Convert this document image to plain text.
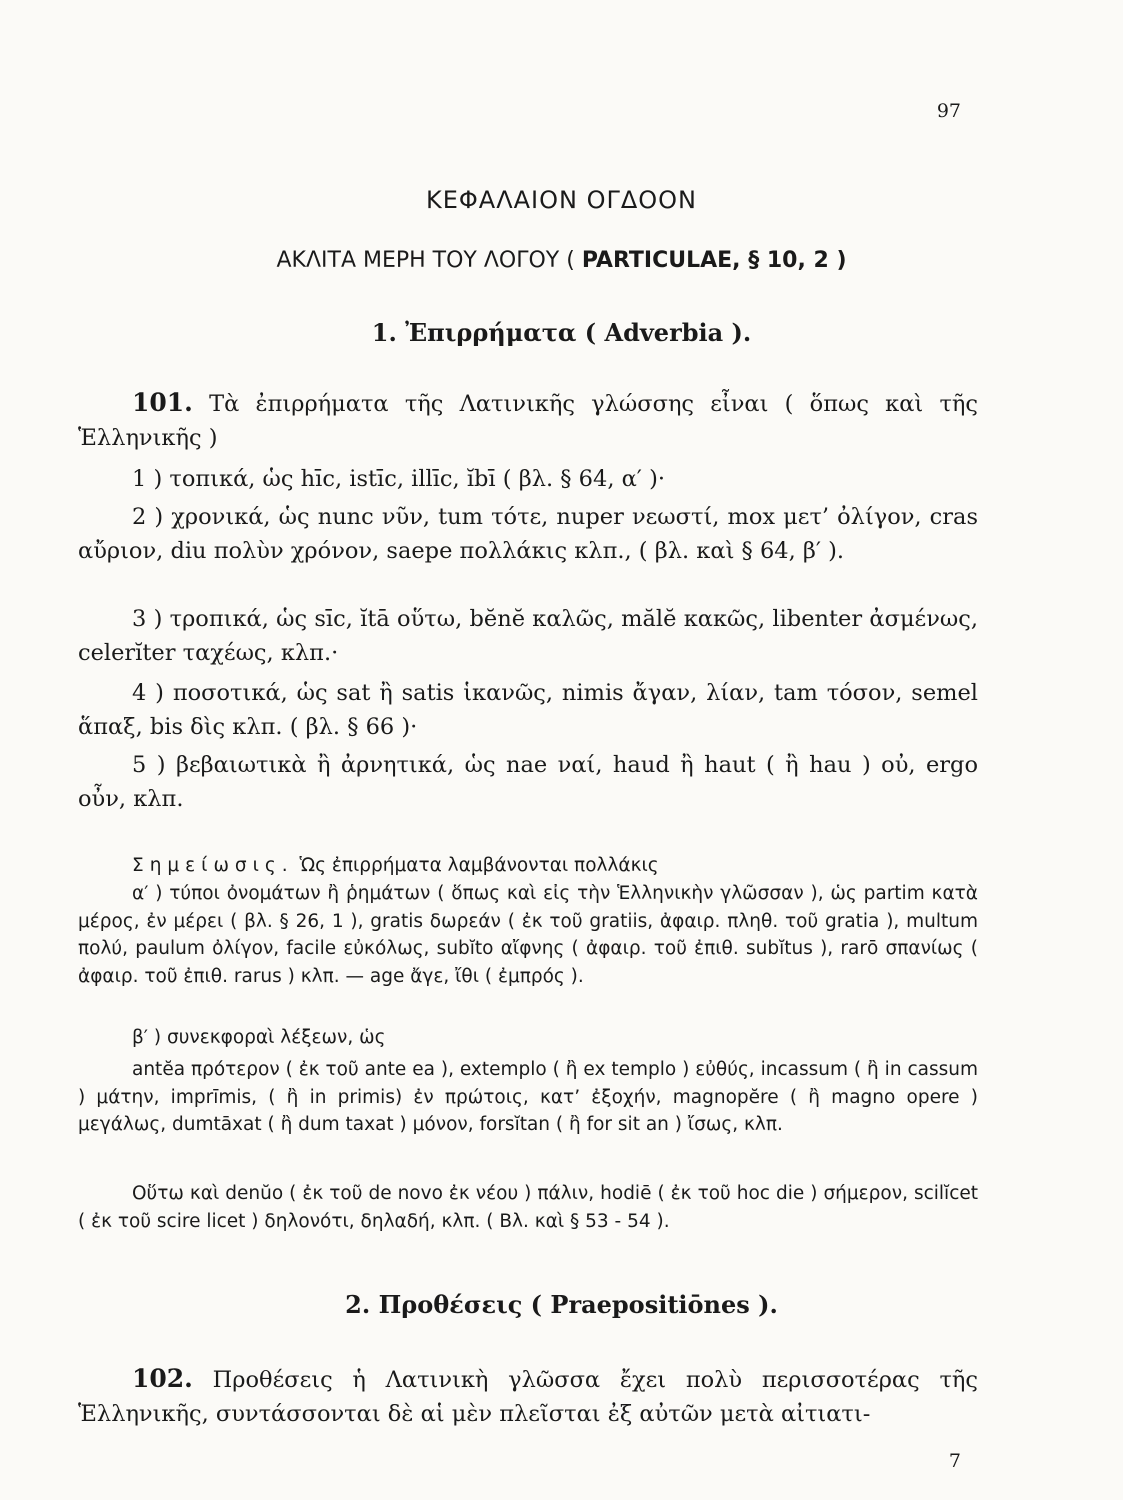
97
ΚΕΦΑΛΑΙΟΝ ΟΓΔΟΟΝ
ΑΚΛΙΤΑ ΜΕΡΗ ΤΟΥ ΛΟΓΟΥ ( PARTICULAE, § 10, 2 )
1. Ἐπιρρήματα ( Adverbia ).
101. Τὰ ἐπιρρήματα τῆς Λατινικῆς γλώσσης εἶναι ( ὅπως καὶ τῆς Ἑλληνικῆς )
1 ) τοπικά, ὡς hīc, istīc, illīc, ĭbī ( βλ. § 64, α′ )·
2 ) χρονικά, ὡς nunc νῦν, tum τότε, nuper νεωστί, mox μετ’ ὀλίγον, cras αὔριον, diu πολὺν χρόνον, saepe πολλάκις κλπ., ( βλ. καὶ § 64, β′ ).
3 ) τροπικά, ὡς sīc, ĭtā οὕτω, bĕnĕ καλῶς, mălĕ κακῶς, libenter ἀσμένως, celerĭter ταχέως, κλπ.·
4 ) ποσοτικά, ὡς sat ἢ satis ἱκανῶς, nimis ἄγαν, λίαν, tam τόσον, semel ἅπαξ, bis δὶς κλπ. ( βλ. § 66 )·
5 ) βεβαιωτικὰ ἢ ἀρνητικά, ὡς nae ναί, haud ἢ haut ( ἢ hau ) οὐ, ergo οὖν, κλπ.
Σημείωσις. Ὡς ἐπιρρήματα λαμβάνονται πολλάκις
α′ ) τύποι ὀνομάτων ἢ ῥημάτων ( ὅπως καὶ εἰς τὴν Ἑλληνικὴν γλῶσσαν ), ὡς partim κατὰ μέρος, ἐν μέρει ( βλ. § 26, 1 ), gratis δωρεάν ( ἐκ τοῦ gratiis, ἀφαιρ. πληθ. τοῦ gratia ), multum πολύ, paulum ὀλίγον, facile εὐκόλως, subĭto αἴφνης ( ἀφαιρ. τοῦ ἐπιθ. subĭtus ), rarō σπανίως ( ἀφαιρ. τοῦ ἐπιθ. rarus ) κλπ. — age ἄγε, ἴθι ( ἐμπρός ).
β′ ) συνεκφοραὶ λέξεων, ὡς
antĕa πρότερον ( ἐκ τοῦ ante ea ), extemplo ( ἢ ex templo ) εὐθύς, incassum ( ἢ in cassum ) μάτην, imprīmis, ( ἢ in primis) ἐν πρώτοις, κατ’ ἐξοχήν, magnopĕre ( ἢ magno opere ) μεγάλως, dumtāxat ( ἢ dum taxat ) μόνον, forsĭtan ( ἢ for sit an ) ἴσως, κλπ.
Οὕτω καὶ denŭo ( ἐκ τοῦ de novo ἐκ νέου ) πάλιν, hodiē ( ἐκ τοῦ hoc die ) σήμερον, scilĭcet ( ἐκ τοῦ scire licet ) δηλονότι, δηλαδή, κλπ. ( Βλ. καὶ § 53 - 54 ).
2. Προθέσεις ( Praepositiōnes ).
102. Προθέσεις ἡ Λατινικὴ γλῶσσα ἔχει πολὺ περισσοτέρας τῆς Ἑλληνικῆς, συντάσσονται δὲ αἱ μὲν πλεῖσται ἐξ αὐτῶν μετὰ αἰτιατι-
7
